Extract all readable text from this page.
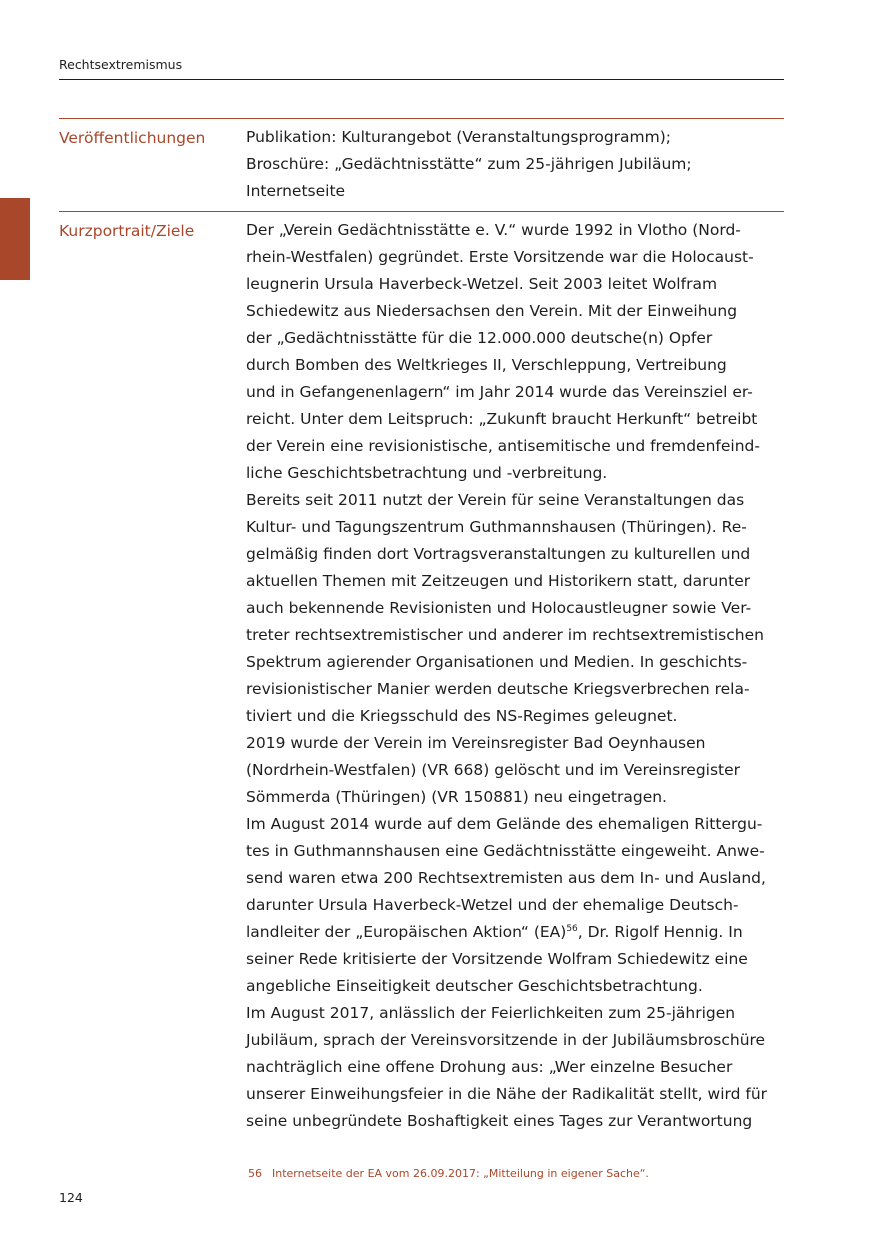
Rechtsextremismus
Veröffentlichungen	Publikation: Kulturangebot (Veranstaltungsprogramm);
Broschüre: „Gedächtnisstätte“ zum 25-jährigen Jubiläum;
Internetseite
Kurzportrait/Ziele	Der „Verein Gedächtnisstätte e. V.“ wurde 1992 in Vlotho (Nord-
rhein-Westfalen) gegründet. Erste Vorsitzende war die Holocaust-
leugnerin Ursula Haverbeck-Wetzel. Seit 2003 leitet Wolfram
Schiedewitz aus Niedersachsen den Verein. Mit der Einweihung
der „Gedächtnisstätte für die 12.000.000 deutsche(n) Opfer
durch Bomben des Weltkrieges II, Verschleppung, Vertreibung
und in Gefangenenlagern“ im Jahr 2014 wurde das Vereinsziel er-
reicht. Unter dem Leitspruch: „Zukunft braucht Herkunft“ betreibt
der Verein eine revisionistische, antisemitische und fremdenfeind-
liche Geschichtsbetrachtung und -verbreitung.
Bereits seit 2011 nutzt der Verein für seine Veranstaltungen das
Kultur- und Tagungszentrum Guthmannshausen (Thüringen). Re-
gelmäßig finden dort Vortragsveranstaltungen zu kulturellen und
aktuellen Themen mit Zeitzeugen und Historikern statt, darunter
auch bekennende Revisionisten und Holocaustleugner sowie Ver-
treter rechtsextremistischer und anderer im rechtsextremistischen
Spektrum agierender Organisationen und Medien. In geschichts-
revisionistischer Manier werden deutsche Kriegsverbrechen rela-
tiviert und die Kriegsschuld des NS-Regimes geleugnet.
2019 wurde der Verein im Vereinsregister Bad Oeynhausen
(Nordrhein-Westfalen) (VR 668) gelöscht und im Vereinsregister
Sömmerda (Thüringen) (VR 150881) neu eingetragen.
Im August 2014 wurde auf dem Gelände des ehemaligen Rittergu-
tes in Guthmannshausen eine Gedächtnisstätte eingeweiht. Anwe-
send waren etwa 200 Rechtsextremisten aus dem In- und Ausland,
darunter Ursula Haverbeck-Wetzel und der ehemalige Deutsch-
landleiter der „Europäischen Aktion“ (EA)$^{56}$, Dr. Rigolf Hennig. In
seiner Rede kritisierte der Vorsitzende Wolfram Schiedewitz eine
angebliche Einseitigkeit deutscher Geschichtsbetrachtung.
Im August 2017, anlässlich der Feierlichkeiten zum 25-jährigen
Jubiläum, sprach der Vereinsvorsitzende in der Jubiläumsbroschüre
nachträglich eine offene Drohung aus: „Wer einzelne Besucher
unserer Einweihungsfeier in die Nähe der Radikalität stellt, wird für
seine unbegründete Boshaftigkeit eines Tages zur Verantwortung
56 Internetseite der EA vom 26.09.2017: „Mitteilung in eigener Sache“.
124
